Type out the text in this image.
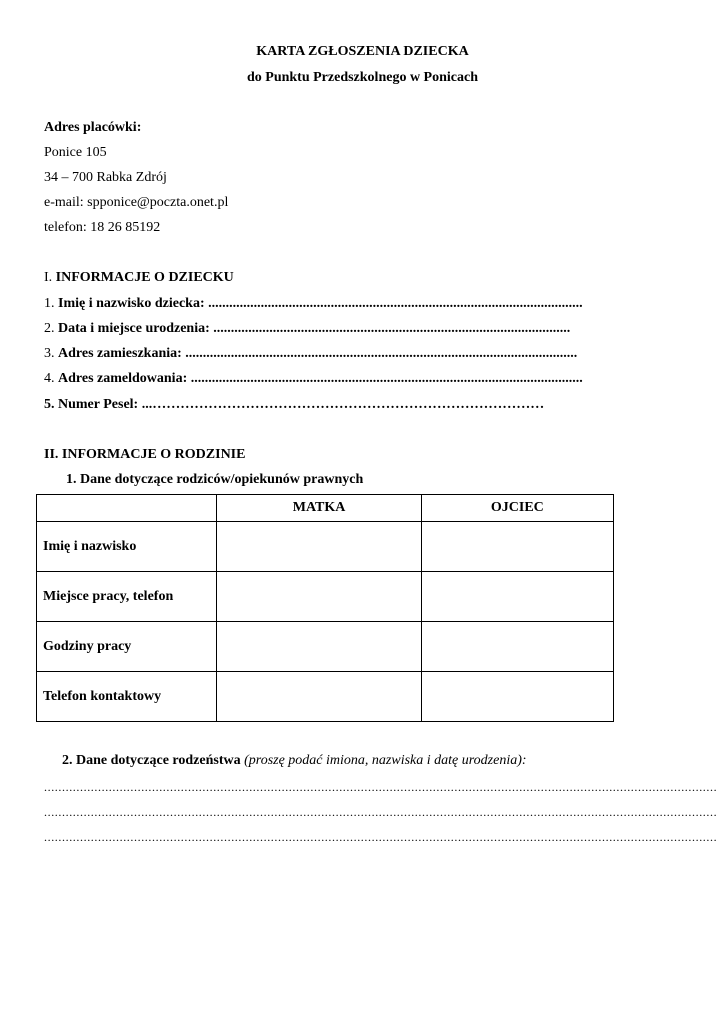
KARTA ZGŁOSZENIA DZIECKA
do Punktu Przedszkolnego w Ponicach
Adres placówki:
Ponice 105
34 – 700 Rabka Zdrój
e-mail: spponice@poczta.onet.pl
telefon: 18 26 85192
I. INFORMACJE O DZIECKU
1. Imię i nazwisko dziecka: ...........................................................................................................
2. Data i miejsce urodzenia: ......................................................................................................
3. Adres zamieszkania: ................................................................................................................
4. Adres zameldowania: ................................................................................................................
5. Numer Pesel: ...…………………………………………………………………………
II. INFORMACJE O RODZINIE
1. Dane dotyczące rodziców/opiekunów prawnych
	MATKA	OJCIEC
Imię i nazwisko		
Miejsce pracy, telefon		
Godziny pracy		
Telefon kontaktowy		
2. Dane dotyczące rodzeństwa (proszę podać imiona, nazwiska i datę urodzenia):
...........................................................................................................................................................................................
...........................................................................................................................................................................................
...........................................................................................................................................................................................
